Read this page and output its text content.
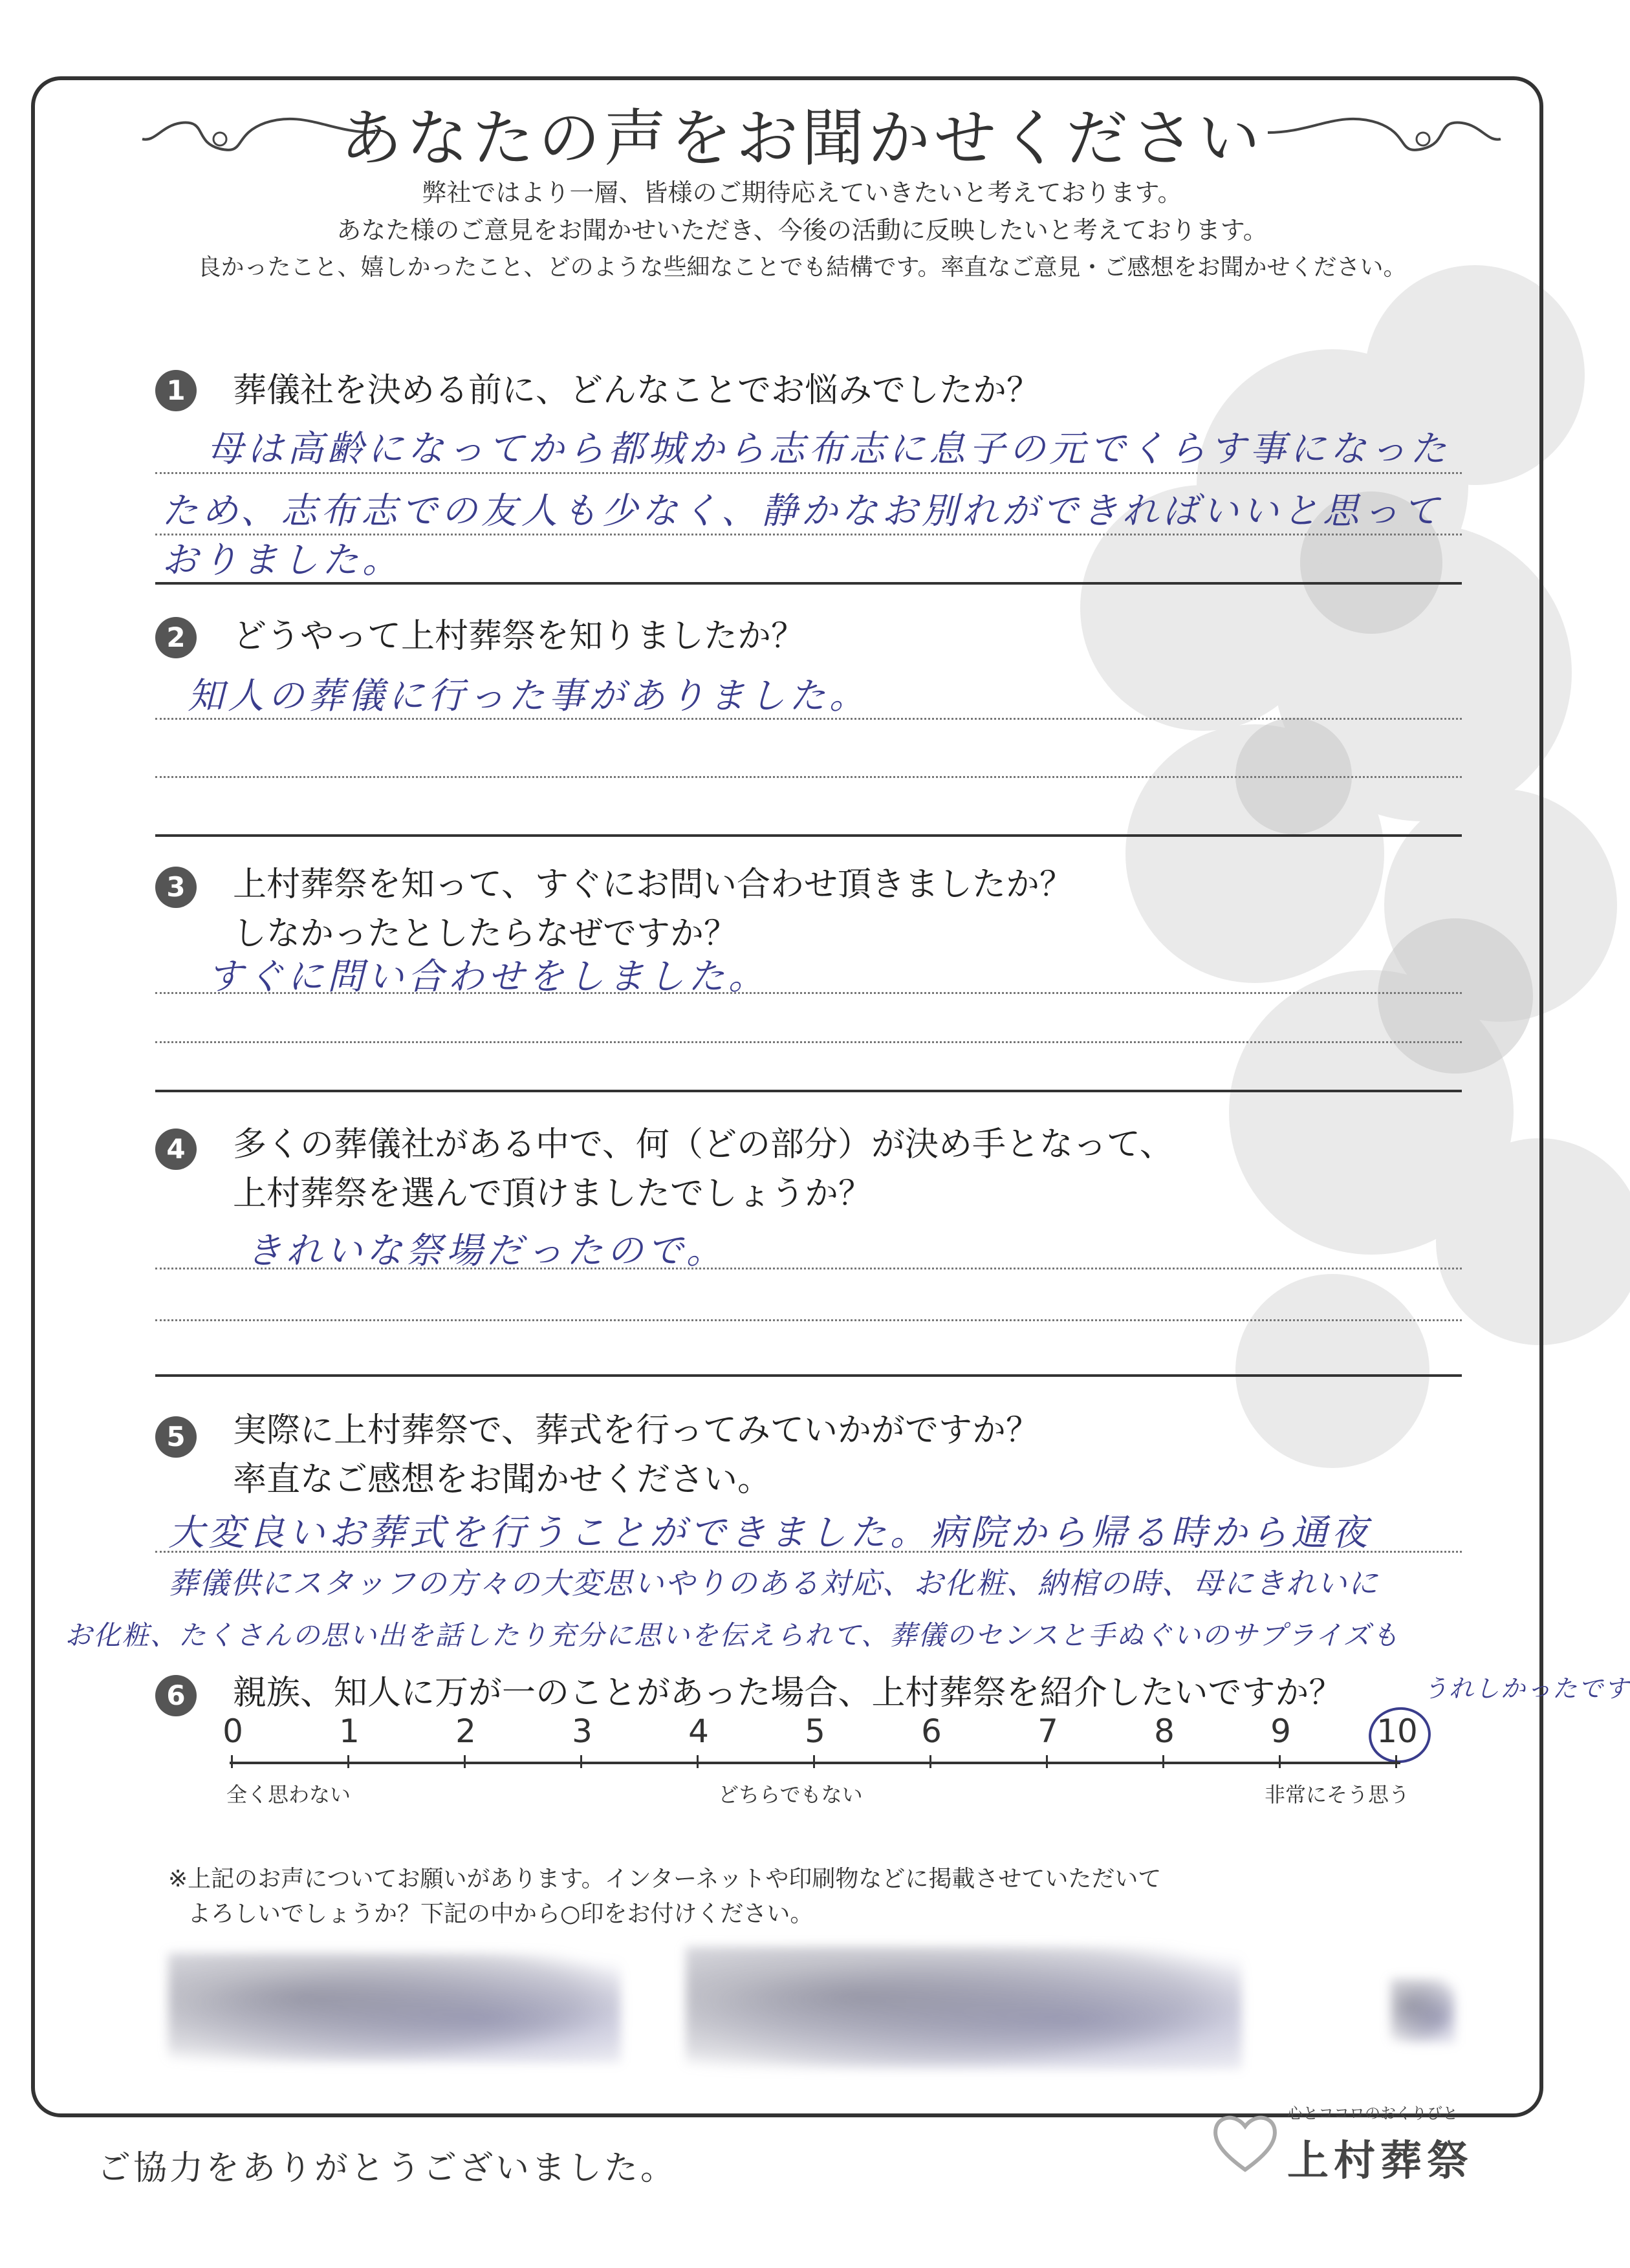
あなたの声をお聞かせください
弊社ではより一層、皆様のご期待応えていきたいと考えております。
あなた様のご意見をお聞かせいただき、今後の活動に反映したいと考えております。
良かったこと、嬉しかったこと、どのような些細なことでも結構です。率直なご意見・ご感想をお聞かせください。
1	葬儀社を決める前に、どんなことでお悩みでしたか？
母は高齢になってから都城から志布志に息子の元でくらす事になった
ため、志布志での友人も少なく、静かなお別れができればいいと思って
おりました。
2	どうやって上村葬祭を知りましたか？
知人の葬儀に行った事がありました。
3	上村葬祭を知って、すぐにお問い合わせ頂きましたか？
しなかったとしたらなぜですか？
すぐに問い合わせをしました。
4	多くの葬儀社がある中で、何（どの部分）が決め手となって、
上村葬祭を選んで頂けましたでしょうか？
きれいな祭場だったので。
5	実際に上村葬祭で、葬式を行ってみていかがですか？
率直なご感想をお聞かせください。
大変良いお葬式を行うことができました。病院から帰る時から通夜
葬儀供にスタッフの方々の大変思いやりのある対応、お化粧、納棺の時、母にきれいに
お化粧、たくさんの思い出を話したり充分に思いを伝えられて、葬儀のセンスと手ぬぐいのサプライズも
うれしかったです
6	親族、知人に万が一のことがあった場合、上村葬祭を紹介したいですか？
0	1	2	3	4	5	6	7	8	9	10
全く思わない	どちらでもない	非常にそう思う
※上記のお声についてお願いがあります。インターネットや印刷物などに掲載させていただいて
よろしいでしょうか？下記の中から○印をお付けください。
ご協力をありがとうございました。
心とココロのおくりびと
上村葬祭
